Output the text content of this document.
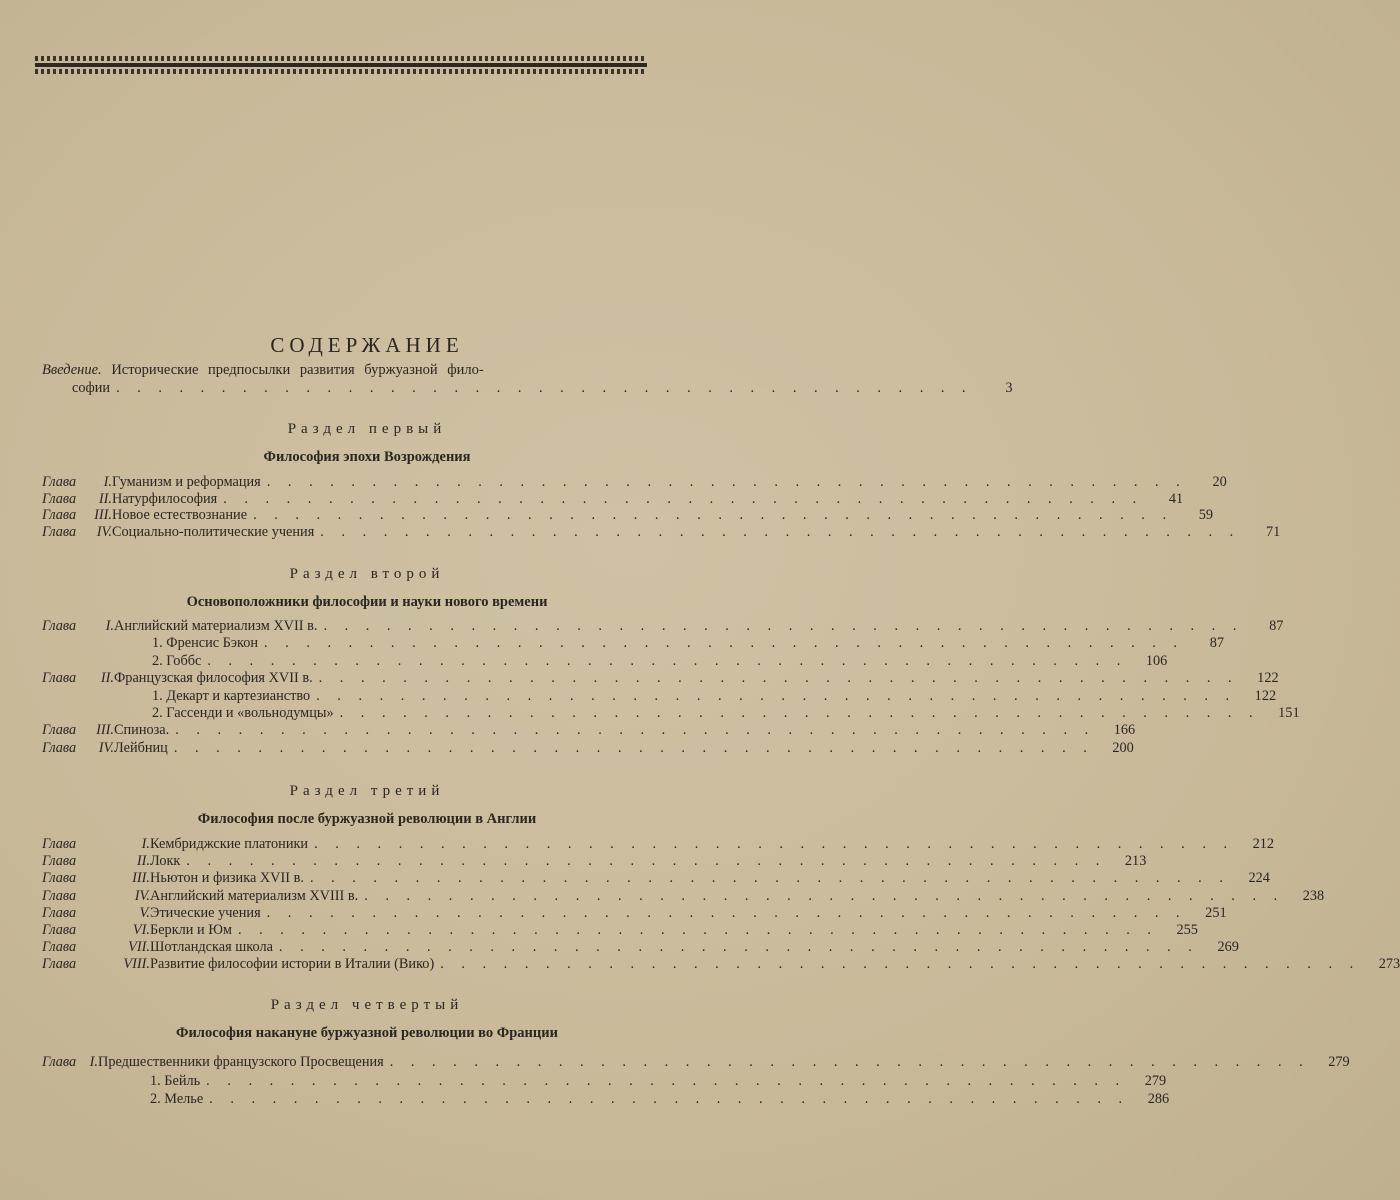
СОДЕРЖАНИЕ
Введение. Исторические предпосылки развития буржуазной фило-
софии . . . . . . . . . . . . . . . . . . . . . . . . . . . . . . . . . . . . . . . . .	3
Раздел первый
Философия эпохи Возрождения
Глава	I. Гуманизм и реформация . . . . . . . . . . . . . . . . . . . . . . . . . . . . . . . . . . . . . . . . . . . .	20
Глава	II. Натурфилософия . . . . . . . . . . . . . . . . . . . . . . . . . . . . . . . . . . . . . . . . . . . .	41
Глава	III. Новое естествознание . . . . . . . . . . . . . . . . . . . . . . . . . . . . . . . . . . . . . . . . . . . .	59
Глава	IV. Социально-политические учения . . . . . . . . . . . . . . . . . . . . . . . . . . . . . . . . . . . . . . . . . . . .	71
Раздел второй
Основоположники философии и науки нового времени
Глава	I. Английский материализм XVII в. . . . . . . . . . . . . . . . . . . . . . . . . . . . . . . . . . . . . . . . . . . . .	87
1. Френсис Бэкон . . . . . . . . . . . . . . . . . . . . . . . . . . . . . . . . . . . . . . . . . . . .	87
2. Гоббс . . . . . . . . . . . . . . . . . . . . . . . . . . . . . . . . . . . . . . . . . . . .	106
Глава	II. Французская философия XVII в. . . . . . . . . . . . . . . . . . . . . . . . . . . . . . . . . . . . . . . . . . . . .	122
1. Декарт и картезианство . . . . . . . . . . . . . . . . . . . . . . . . . . . . . . . . . . . . . . . . . . . .	122
2. Гассенди и «вольнодумцы» . . . . . . . . . . . . . . . . . . . . . . . . . . . . . . . . . . . . . . . . . . . .	151
Глава	III. Спиноза. . . . . . . . . . . . . . . . . . . . . . . . . . . . . . . . . . . . . . . . . . . . .	166
Глава	IV. Лейбниц . . . . . . . . . . . . . . . . . . . . . . . . . . . . . . . . . . . . . . . . . . . .	200
Раздел третий
Философия после буржуазной революции в Англии
Глава	I. Кембриджские платоники . . . . . . . . . . . . . . . . . . . . . . . . . . . . . . . . . . . . . . . . . . . .	212
Глава	II. Локк . . . . . . . . . . . . . . . . . . . . . . . . . . . . . . . . . . . . . . . . . . . .	213
Глава	III. Ньютон и физика XVII в. . . . . . . . . . . . . . . . . . . . . . . . . . . . . . . . . . . . . . . . . . . . .	224
Глава	IV. Английский материализм XVIII в. . . . . . . . . . . . . . . . . . . . . . . . . . . . . . . . . . . . . . . . . . . . .	238
Глава	V. Этические учения . . . . . . . . . . . . . . . . . . . . . . . . . . . . . . . . . . . . . . . . . . . .	251
Глава	VI. Беркли и Юм . . . . . . . . . . . . . . . . . . . . . . . . . . . . . . . . . . . . . . . . . . . .	255
Глава	VII. Шотландская школа . . . . . . . . . . . . . . . . . . . . . . . . . . . . . . . . . . . . . . . . . . . .	269
Глава	VIII. Развитие философии истории в Италии (Вико) . . . . . . . . . . . . . . . . . . . . . . . . . . . . . . . . . . . . . . . . . . . .	273
Раздел четвертый
Философия накануне буржуазной революции во Франции
Глава I. Предшественники французского Просвещения . . . . . . . . . . . . . . . . . . . . . . . . . . . . . . . . . . . . . . . . . . . .	279
1. Бейль . . . . . . . . . . . . . . . . . . . . . . . . . . . . . . . . . . . . . . . . . . . .	279
2. Мелье . . . . . . . . . . . . . . . . . . . . . . . . . . . . . . . . . . . . . . . . . . . .	286
